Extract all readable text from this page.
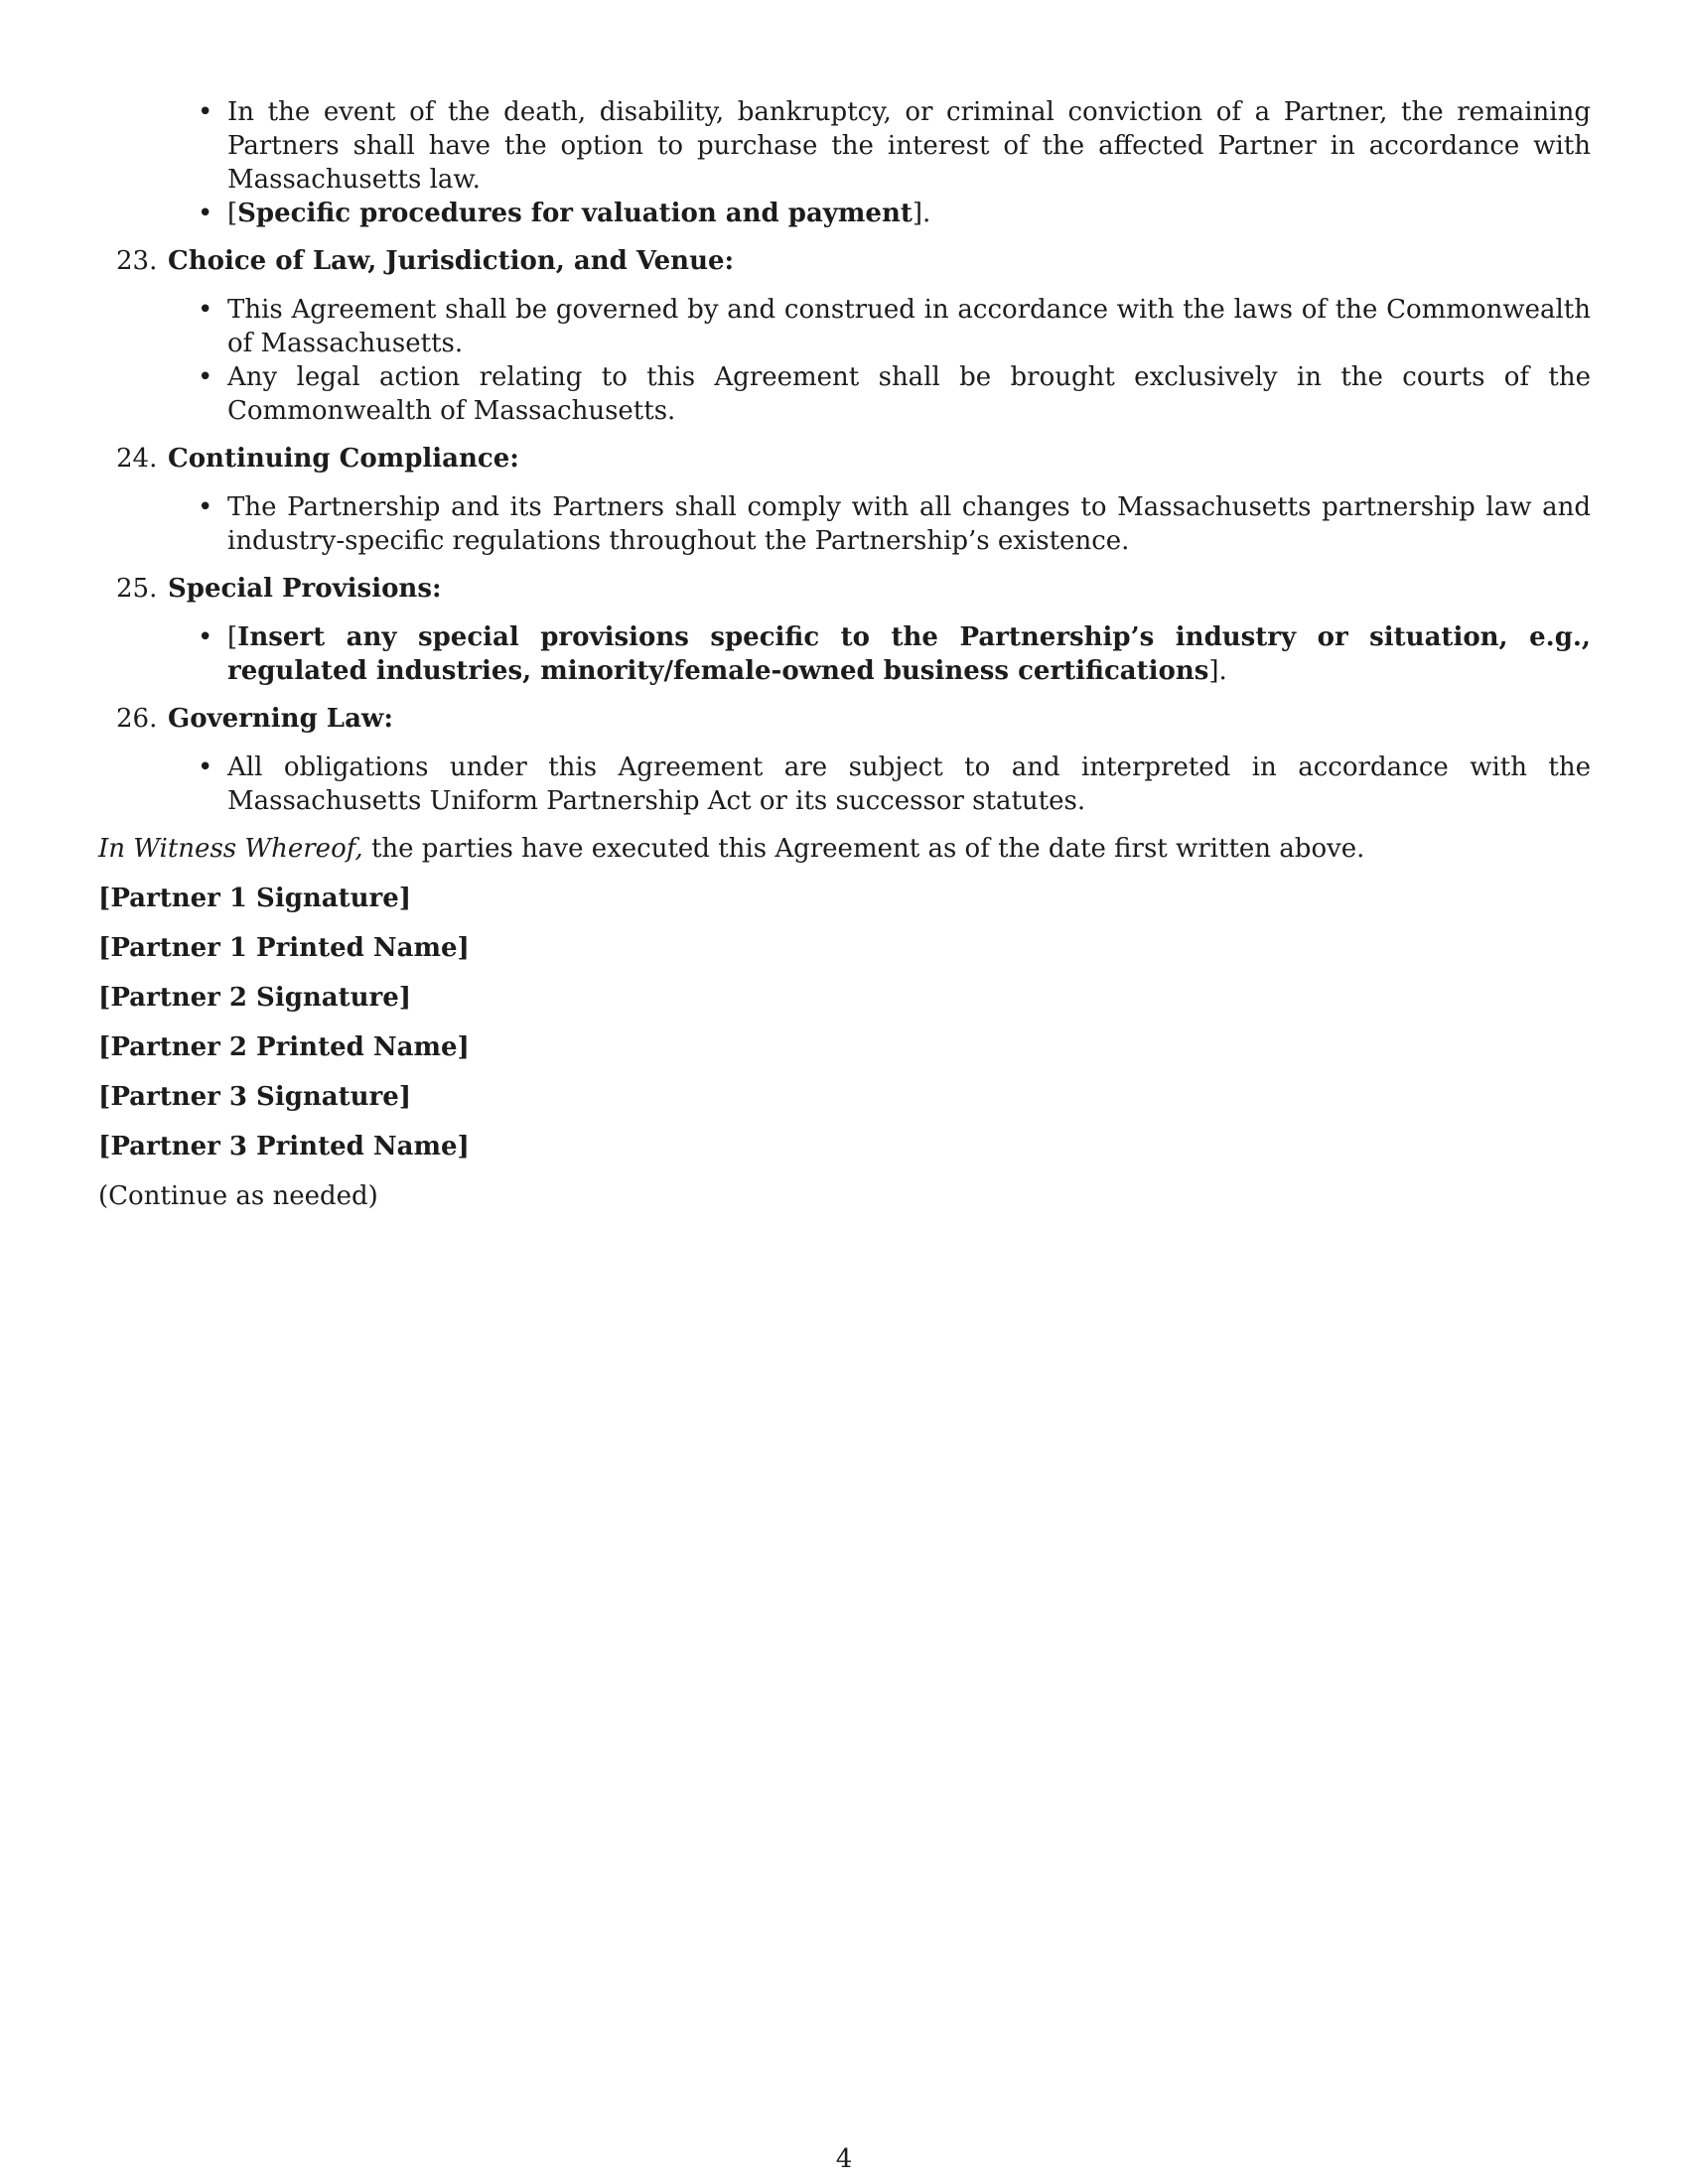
• In the event of the death, disability, bankruptcy, or criminal conviction of a Partner, the remaining Partners shall have the option to purchase the interest of the affected Partner in accordance with Massachusetts law.
• [Specific procedures for valuation and payment].
23. Choice of Law, Jurisdiction, and Venue:
• This Agreement shall be governed by and construed in accordance with the laws of the Commonwealth of Massachusetts.
• Any legal action relating to this Agreement shall be brought exclusively in the courts of the Commonwealth of Massachusetts.
24. Continuing Compliance:
• The Partnership and its Partners shall comply with all changes to Massachusetts partnership law and industry-specific regulations throughout the Partnership’s existence.
25. Special Provisions:
• [Insert any special provisions specific to the Partnership’s industry or situation, e.g., regulated industries, minority/female-owned business certifications].
26. Governing Law:
• All obligations under this Agreement are subject to and interpreted in accordance with the Massachusetts Uniform Partnership Act or its successor statutes.
In Witness Whereof, the parties have executed this Agreement as of the date first written above.
[Partner 1 Signature]
[Partner 1 Printed Name]
[Partner 2 Signature]
[Partner 2 Printed Name]
[Partner 3 Signature]
[Partner 3 Printed Name]
(Continue as needed)
4
